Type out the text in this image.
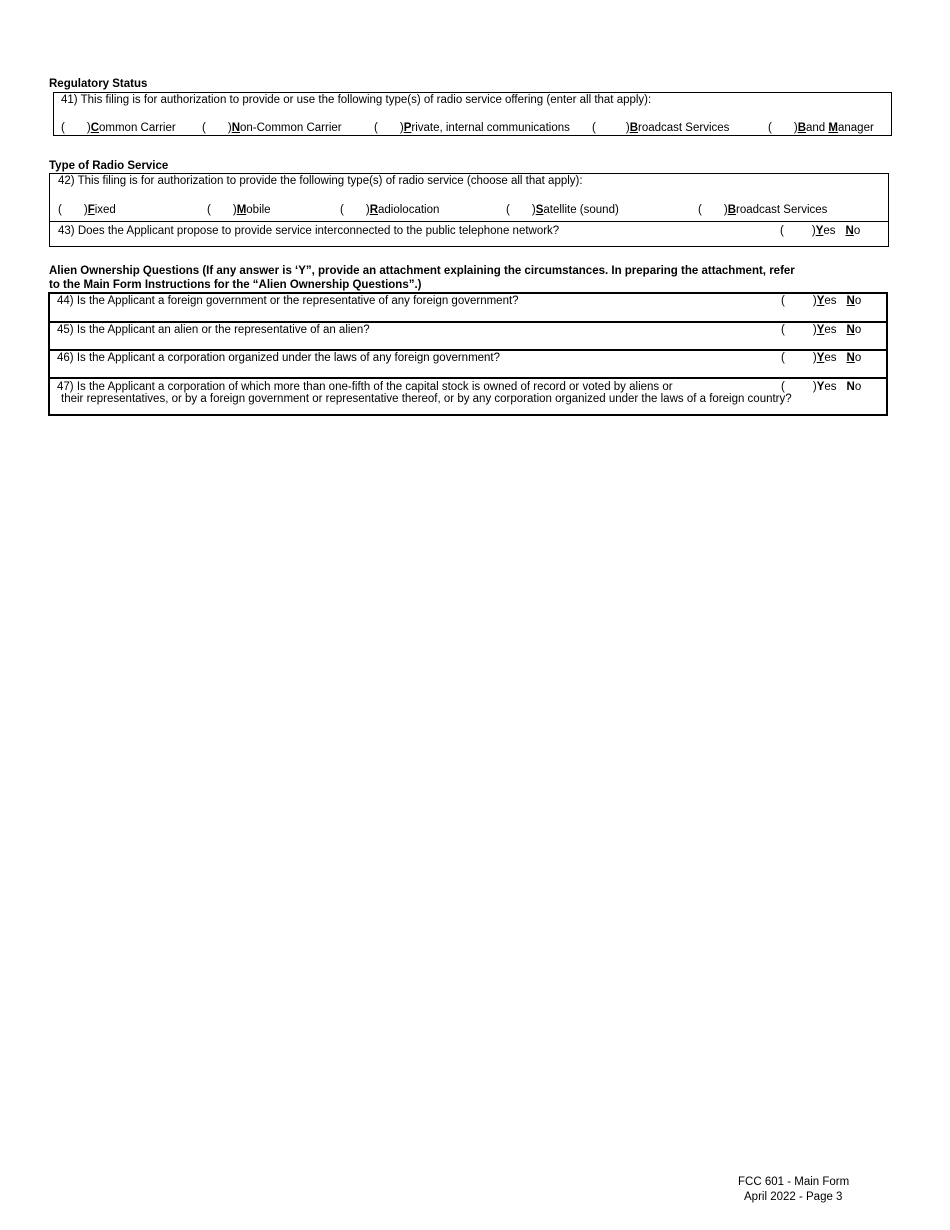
Regulatory Status
41) This filing is for authorization to provide or use the following type(s) of radio service offering (enter all that apply):
( )Common Carrier ( )Non-Common Carrier	( )Private, internal communications (	)Broadcast Services	( )Band Manager
Type of Radio Service
42) This filing is for authorization to provide the following type(s) of radio service (choose all that apply):
( )Fixed	( )Mobile	( )Radiolocation	( )Satellite (sound)	( )Broadcast Services
43) Does the Applicant propose to provide service interconnected to the public telephone network?	( )Yes No
Alien Ownership Questions (If any answer is ‘Y”, provide an attachment explaining the circumstances. In preparing the attachment, refer
to the Main Form Instructions for the “Alien Ownership Questions”.)
44) Is the Applicant a foreign government or the representative of any foreign government?	( )Yes No
45) Is the Applicant an alien or the representative of an alien?	( )Yes No
46) Is the Applicant a corporation organized under the laws of any foreign government?	( )Yes No
47) Is the Applicant a corporation of which more than one-fifth of the capital stock is owned of record or voted by aliens or	( )Yes No
their representatives, or by a foreign government or representative thereof, or by any corporation organized under the laws of a foreign country?
FCC 601 - Main Form
April 2022 - Page 3
